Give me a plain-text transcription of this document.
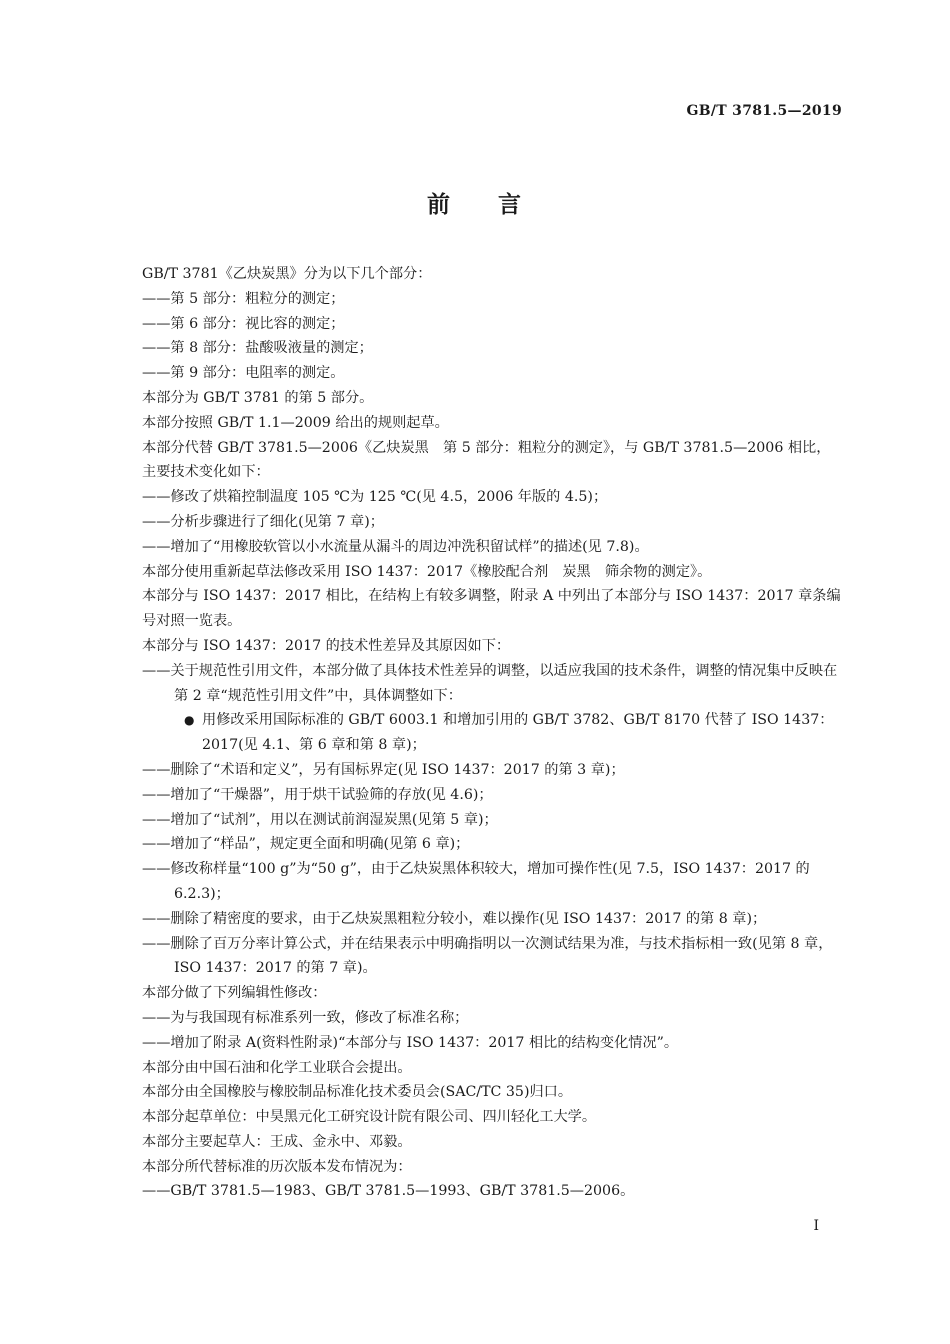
GB/T 3781.5—2019
前 言

GB/T 3781《乙炔炭黑》分为以下几个部分：

——第 5 部分：粗粒分的测定；

——第 6 部分：视比容的测定；

——第 8 部分：盐酸吸液量的测定；

——第 9 部分：电阻率的测定。

本部分为 GB/T 3781 的第 5 部分。

本部分按照 GB/T 1.1—2009 给出的规则起草。

本部分代替 GB/T 3781.5—2006《乙炔炭黑　第 5 部分：粗粒分的测定》，与 GB/T 3781.5—2006 相比，主要技术变化如下：

——修改了烘箱控制温度 105 ℃为 125 ℃(见 4.5，2006 年版的 4.5)；

——分析步骤进行了细化(见第 7 章)；

——增加了“用橡胶软管以小水流量从漏斗的周边冲洗积留试样”的描述(见 7.8)。

本部分使用重新起草法修改采用 ISO 1437：2017《橡胶配合剂　炭黑　筛余物的测定》。

本部分与 ISO 1437：2017 相比，在结构上有较多调整，附录 A 中列出了本部分与 ISO 1437：2017 章条编号对照一览表。

本部分与 ISO 1437：2017 的技术性差异及其原因如下：

——关于规范性引用文件，本部分做了具体技术性差异的调整，以适应我国的技术条件，调整的情况集中反映在第 2 章“规范性引用文件”中，具体调整如下：

● 用修改采用国际标准的 GB/T 6003.1 和增加引用的 GB/T 3782、GB/T 8170 代替了 ISO 1437：2017(见 4.1、第 6 章和第 8 章)；

——删除了“术语和定义”，另有国标界定(见 ISO 1437：2017 的第 3 章)；

——增加了“干燥器”，用于烘干试验筛的存放(见 4.6)；

——增加了“试剂”，用以在测试前润湿炭黑(见第 5 章)；

——增加了“样品”，规定更全面和明确(见第 6 章)；

——修改称样量“100 g”为“50 g”，由于乙炔炭黑体积较大，增加可操作性(见 7.5，ISO 1437：2017 的 6.2.3)；

——删除了精密度的要求，由于乙炔炭黑粗粒分较小，难以操作(见 ISO 1437：2017 的第 8 章)；

——删除了百万分率计算公式，并在结果表示中明确指明以一次测试结果为准，与技术指标相一致(见第 8 章，ISO 1437：2017 的第 7 章)。

本部分做了下列编辑性修改：

——为与我国现有标准系列一致，修改了标准名称；

——增加了附录 A(资料性附录)“本部分与 ISO 1437：2017 相比的结构变化情况”。

本部分由中国石油和化学工业联合会提出。

本部分由全国橡胶与橡胶制品标准化技术委员会(SAC/TC 35)归口。

本部分起草单位：中昊黑元化工研究设计院有限公司、四川轻化工大学。

本部分主要起草人：王成、金永中、邓毅。

本部分所代替标准的历次版本发布情况为：

——GB/T 3781.5—1983、GB/T 3781.5—1993、GB/T 3781.5—2006。

Ⅰ
